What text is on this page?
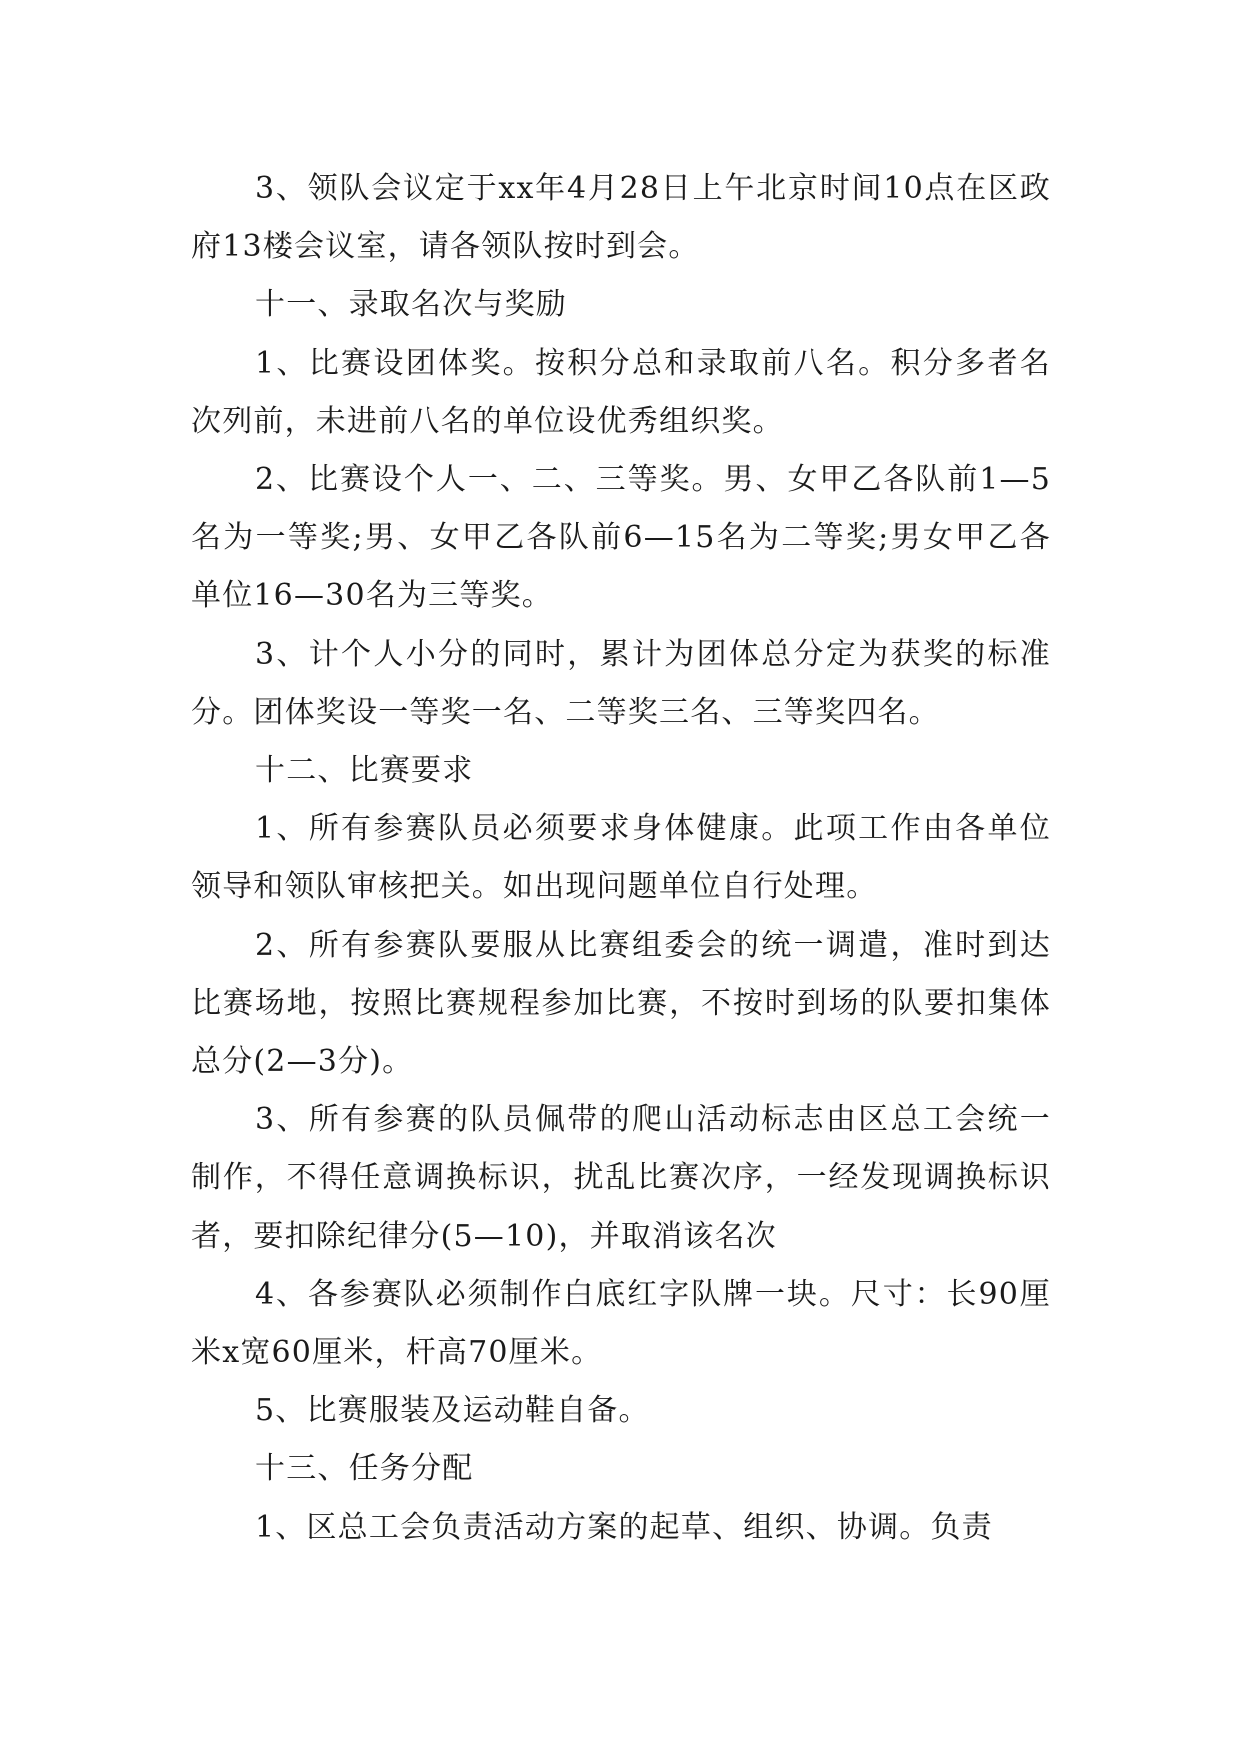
3、领队会议定于xx年4月28日上午北京时间10点在区政府13楼会议室，请各领队按时到会。

十一、录取名次与奖励

1、比赛设团体奖。按积分总和录取前八名。积分多者名次列前，未进前八名的单位设优秀组织奖。

2、比赛设个人一、二、三等奖。男、女甲乙各队前1—5名为一等奖;男、女甲乙各队前6—15名为二等奖;男女甲乙各单位16—30名为三等奖。

3、计个人小分的同时，累计为团体总分定为获奖的标准分。团体奖设一等奖一名、二等奖三名、三等奖四名。

十二、比赛要求

1、所有参赛队员必须要求身体健康。此项工作由各单位领导和领队审核把关。如出现问题单位自行处理。

2、所有参赛队要服从比赛组委会的统一调遣，准时到达比赛场地，按照比赛规程参加比赛，不按时到场的队要扣集体总分(2—3分)。

3、所有参赛的队员佩带的爬山活动标志由区总工会统一制作，不得任意调换标识，扰乱比赛次序，一经发现调换标识者，要扣除纪律分(5—10)，并取消该名次

4、各参赛队必须制作白底红字队牌一块。尺寸：长90厘米x宽60厘米，杆高70厘米。

5、比赛服装及运动鞋自备。

十三、任务分配

1、区总工会负责活动方案的起草、组织、协调。负责
